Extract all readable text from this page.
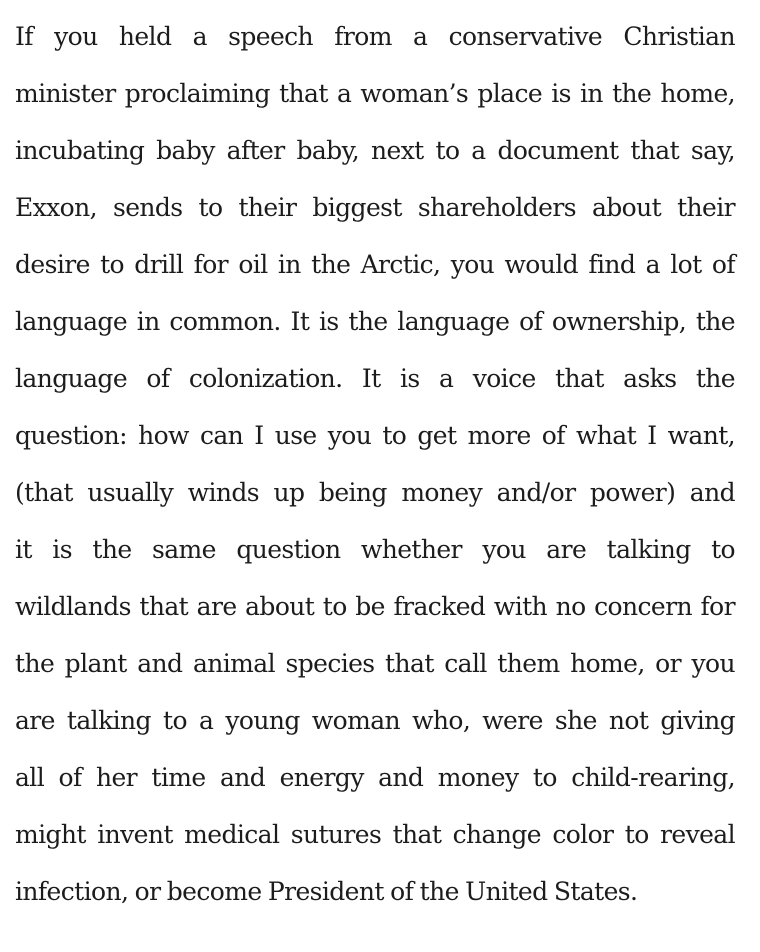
If you held a speech from a conservative Christian
minister proclaiming that a woman’s place is in the home,
incubating baby after baby, next to a document that say,
Exxon, sends to their biggest shareholders about their
desire to drill for oil in the Arctic, you would find a lot of
language in common. It is the language of ownership, the
language of colonization. It is a voice that asks the
question: how can I use you to get more of what I want,
(that usually winds up being money and/or power) and
it is the same question whether you are talking to
wildlands that are about to be fracked with no concern for
the plant and animal species that call them home, or you
are talking to a young woman who, were she not giving
all of her time and energy and money to child-rearing,
might invent medical sutures that change color to reveal
infection, or become President of the United States.
